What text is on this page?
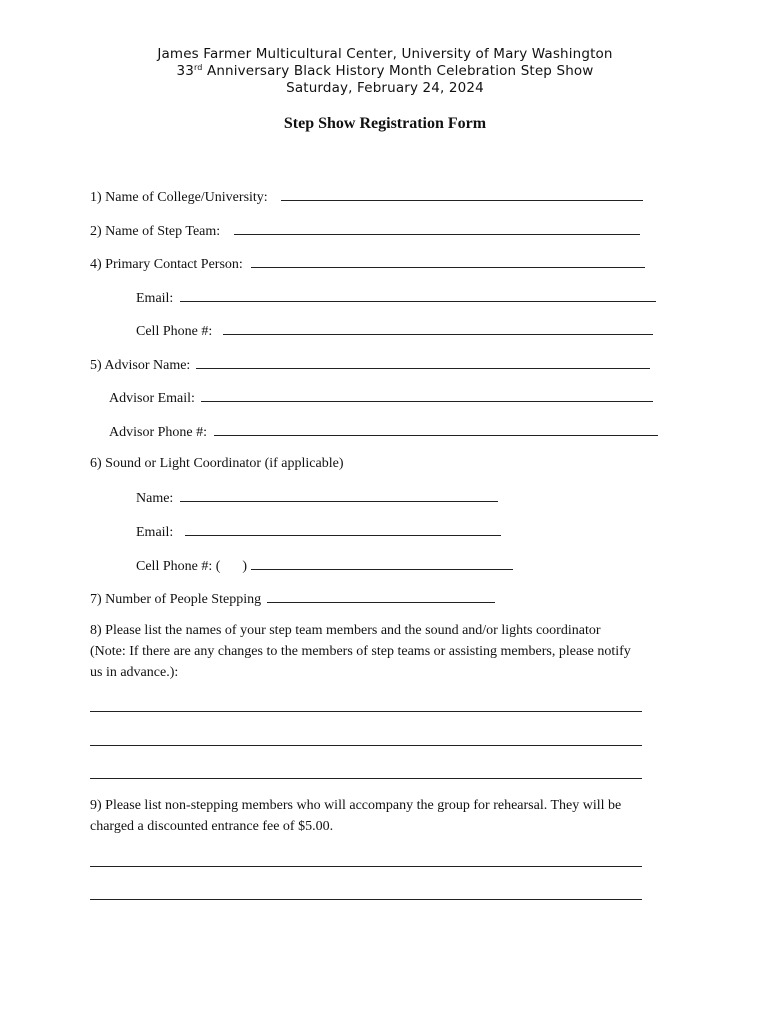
James Farmer Multicultural Center, University of Mary Washington
33rd Anniversary Black History Month Celebration Step Show
Saturday, February 24, 2024
Step Show Registration Form
1) Name of College/University:
2) Name of Step Team:
4) Primary Contact Person:
Email:
Cell Phone #:
5) Advisor Name:
Advisor Email:
Advisor Phone #:
6) Sound or Light Coordinator (if applicable)
Name:
Email:
Cell Phone #: ( )
7) Number of People Stepping

8) Please list the names of your step team members and the sound and/or lights coordinator

(Note: If there are any changes to the members of step teams or assisting members, please notify

us in advance.):

9) Please list non-stepping members who will accompany the group for rehearsal. They will be

charged a discounted entrance fee of $5.00.
